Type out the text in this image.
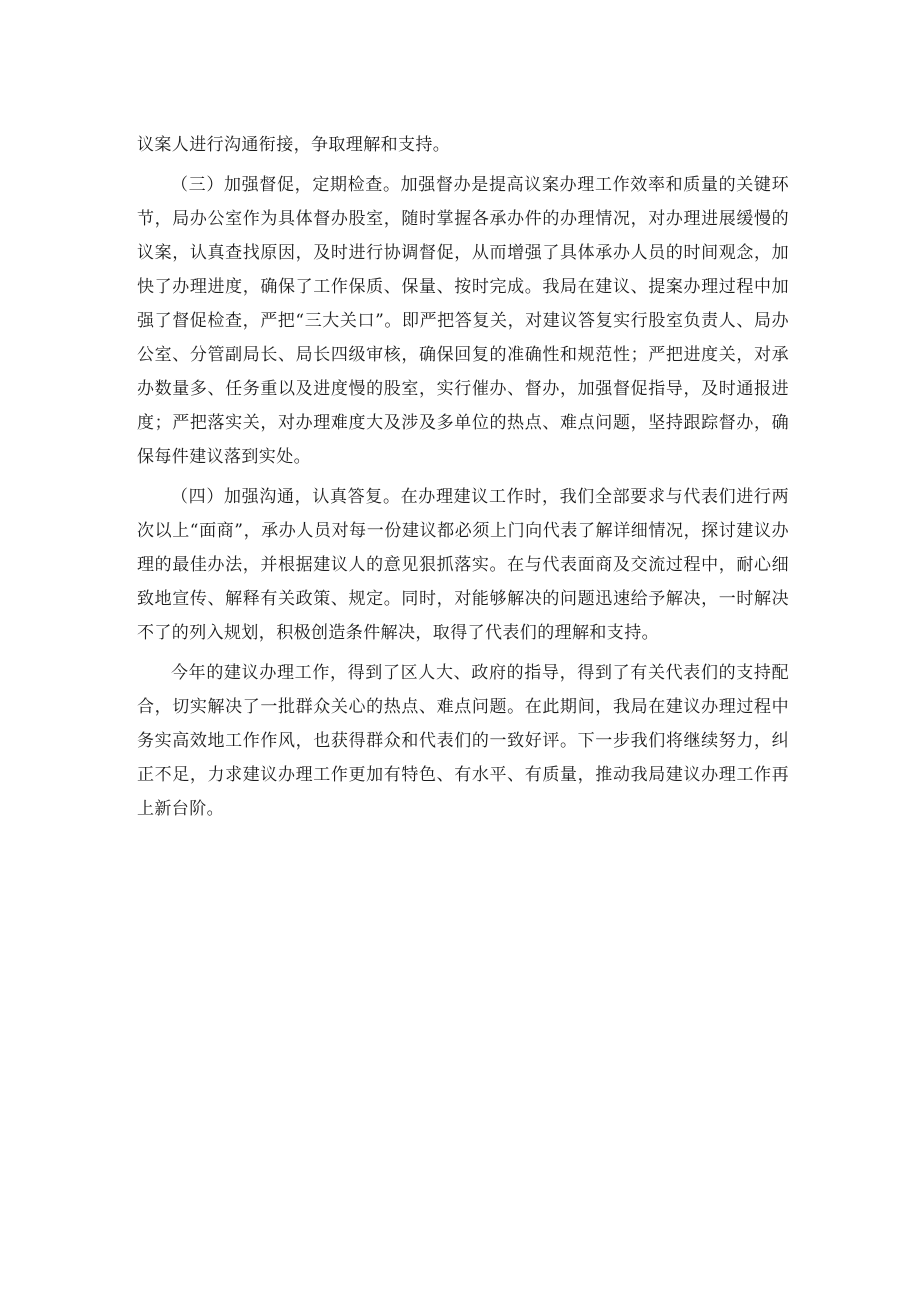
议案人进行沟通衔接，争取理解和支持。

（三）加强督促，定期检查。加强督办是提高议案办理工作效率和质量的关键环节，局办公室作为具体督办股室，随时掌握各承办件的办理情况，对办理进展缓慢的议案，认真查找原因，及时进行协调督促，从而增强了具体承办人员的时间观念，加快了办理进度，确保了工作保质、保量、按时完成。我局在建议、提案办理过程中加强了督促检查，严把“三大关口”。即严把答复关，对建议答复实行股室负责人、局办公室、分管副局长、局长四级审核，确保回复的准确性和规范性；严把进度关，对承办数量多、任务重以及进度慢的股室，实行催办、督办，加强督促指导，及时通报进度；严把落实关，对办理难度大及涉及多单位的热点、难点问题，坚持跟踪督办，确保每件建议落到实处。

（四）加强沟通，认真答复。在办理建议工作时，我们全部要求与代表们进行两次以上“面商”，承办人员对每一份建议都必须上门向代表了解详细情况，探讨建议办理的最佳办法，并根据建议人的意见狠抓落实。在与代表面商及交流过程中，耐心细致地宣传、解释有关政策、规定。同时，对能够解决的问题迅速给予解决，一时解决不了的列入规划，积极创造条件解决，取得了代表们的理解和支持。

今年的建议办理工作，得到了区人大、政府的指导，得到了有关代表们的支持配合，切实解决了一批群众关心的热点、难点问题。在此期间，我局在建议办理过程中务实高效地工作作风，也获得群众和代表们的一致好评。下一步我们将继续努力，纠正不足，力求建议办理工作更加有特色、有水平、有质量，推动我局建议办理工作再上新台阶。
